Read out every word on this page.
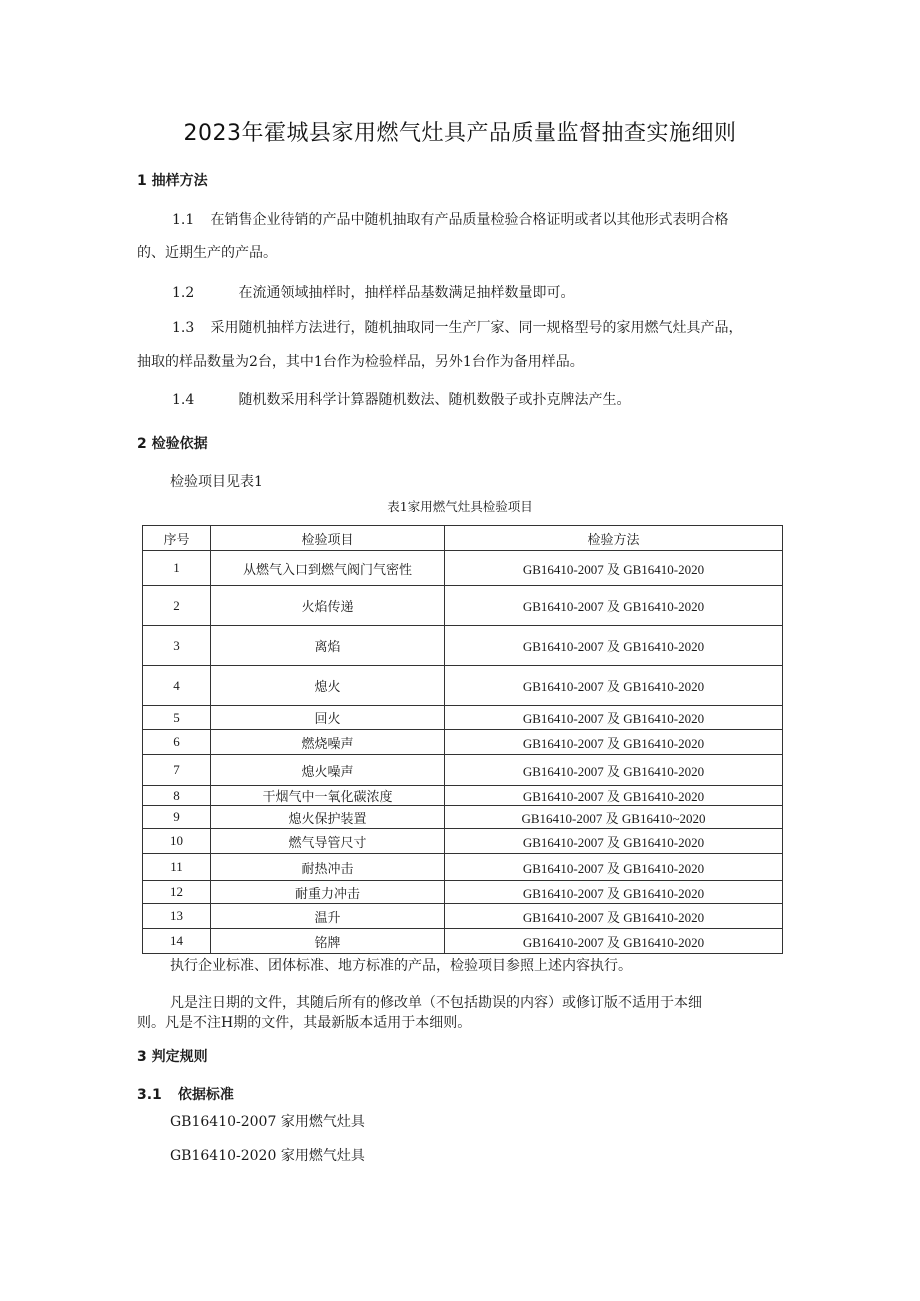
2023年霍城县家用燃气灶具产品质量监督抽查实施细则
1 抽样方法
1.1 在销售企业待销的产品中随机抽取有产品质量检验合格证明或者以其他形式表明合格
的、近期生产的产品。
1.2	在流通领域抽样时，抽样样品基数满足抽样数量即可。
1.3 采用随机抽样方法进行，随机抽取同一生产厂家、同一规格型号的家用燃气灶具产品，
抽取的样品数量为2台，其中1台作为检验样品，另外1台作为备用样品。
1.4	随机数采用科学计算器随机数法、随机数骰子或扑克牌法产生。
2 检验依据
检验项目见表1
表1家用燃气灶具检验项目
序号	检验项目	检验方法
1	从燃气入口到燃气阀门气密性	GB16410-2007 及 GB16410-2020
2	火焰传递	GB16410-2007 及 GB16410-2020
3	离焰	GB16410-2007 及 GB16410-2020
4	熄火	GB16410-2007 及 GB16410-2020
5	回火	GB16410-2007 及 GB16410-2020
6	燃烧噪声	GB16410-2007 及 GB16410-2020
7	熄火噪声	GB16410-2007 及 GB16410-2020
8	干烟气中一氧化碳浓度	GB16410-2007 及 GB16410-2020
9	熄火保护装置	GB16410-2007 及 GB16410~2020
10	燃气导管尺寸	GB16410-2007 及 GB16410-2020
11	耐热冲击	GB16410-2007 及 GB16410-2020
12	耐重力冲击	GB16410-2007 及 GB16410-2020
13	温升	GB16410-2007 及 GB16410-2020
14	铭牌	GB16410-2007 及 GB16410-2020
执行企业标准、团体标准、地方标准的产品，检验项目参照上述内容执行。
凡是注日期的文件，其随后所有的修改单（不包括勘误的内容）或修订版不适用于本细
则。凡是不注H期的文件，其最新版本适用于本细则。
3 判定规则
3.1 依据标准
GB16410-2007 家用燃气灶具
GB16410-2020 家用燃气灶具
